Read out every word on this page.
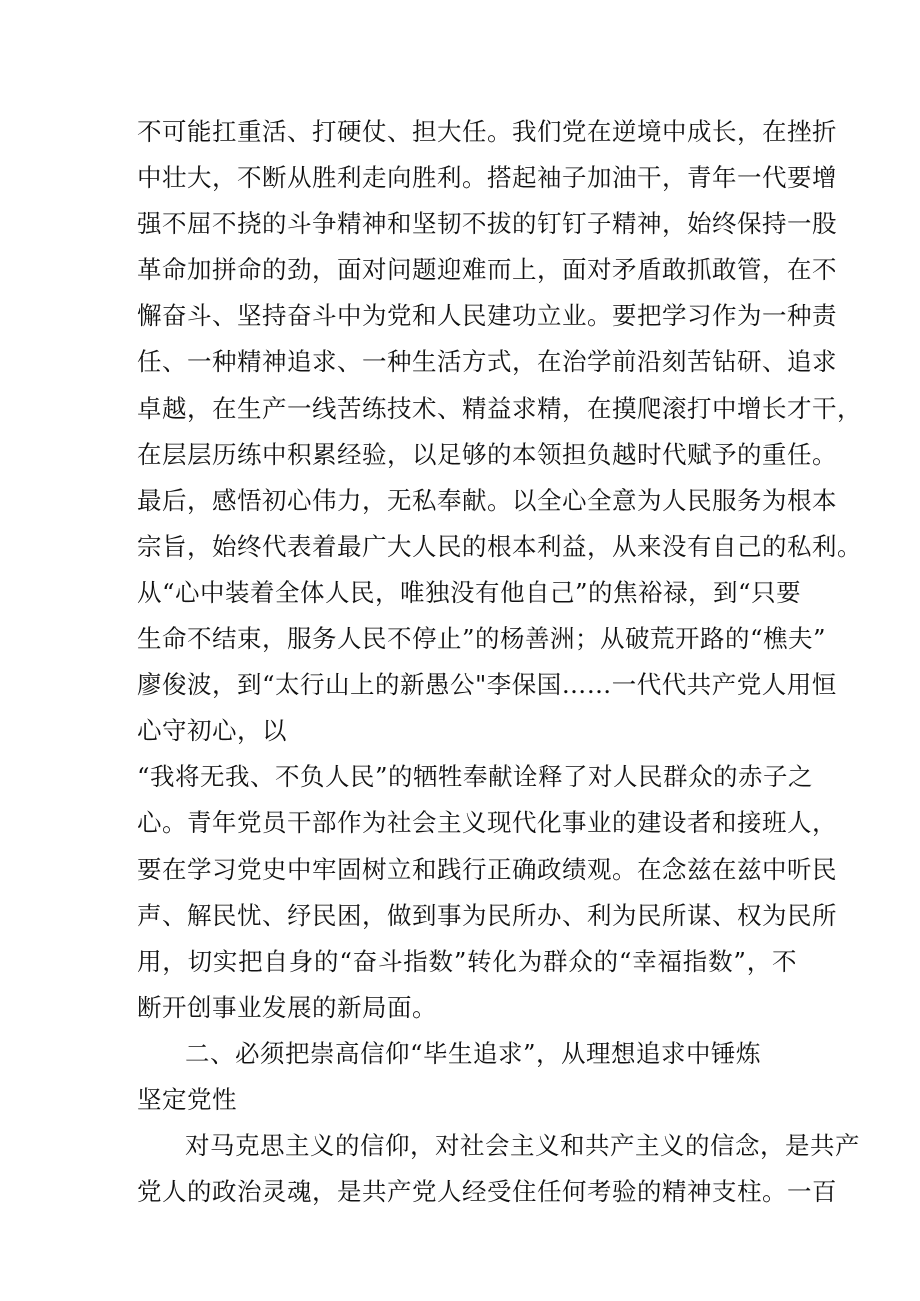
不可能扛重活、打硬仗、担大任。我们党在逆境中成长，在挫折
中壮大，不断从胜利走向胜利。搭起袖子加油干，青年一代要增
强不屈不挠的斗争精神和坚韧不拔的钉钉子精神，始终保持一股
革命加拼命的劲，面对问题迎难而上，面对矛盾敢抓敢管，在不
懈奋斗、坚持奋斗中为党和人民建功立业。要把学习作为一种责
任、一种精神追求、一种生活方式，在治学前沿刻苦钻研、追求
卓越，在生产一线苦练技术、精益求精，在摸爬滚打中增长才干，
在层层历练中积累经验，以足够的本领担负越时代赋予的重任。
最后，感悟初心伟力，无私奉献。以全心全意为人民服务为根本
宗旨，始终代表着最广大人民的根本利益，从来没有自己的私利。
从“心中装着全体人民，唯独没有他自己”的焦裕禄，到“只要
生命不结束，服务人民不停止”的杨善洲；从破荒开路的“樵夫”
廖俊波，到“太行山上的新愚公"李保国……一代代共产党人用恒
心守初心，以
“我将无我、不负人民”的牺牲奉献诠释了对人民群众的赤子之
心。青年党员干部作为社会主义现代化事业的建设者和接班人，
要在学习党史中牢固树立和践行正确政绩观。在念兹在兹中听民
声、解民忧、纾民困，做到事为民所办、利为民所谋、权为民所
用，切实把自身的“奋斗指数”转化为群众的“幸福指数”，不
断开创事业发展的新局面。
二、必须把崇高信仰“毕生追求”，从理想追求中锤炼
坚定党性
对马克思主义的信仰，对社会主义和共产主义的信念，是共产
党人的政治灵魂，是共产党人经受住任何考验的精神支柱。一百
